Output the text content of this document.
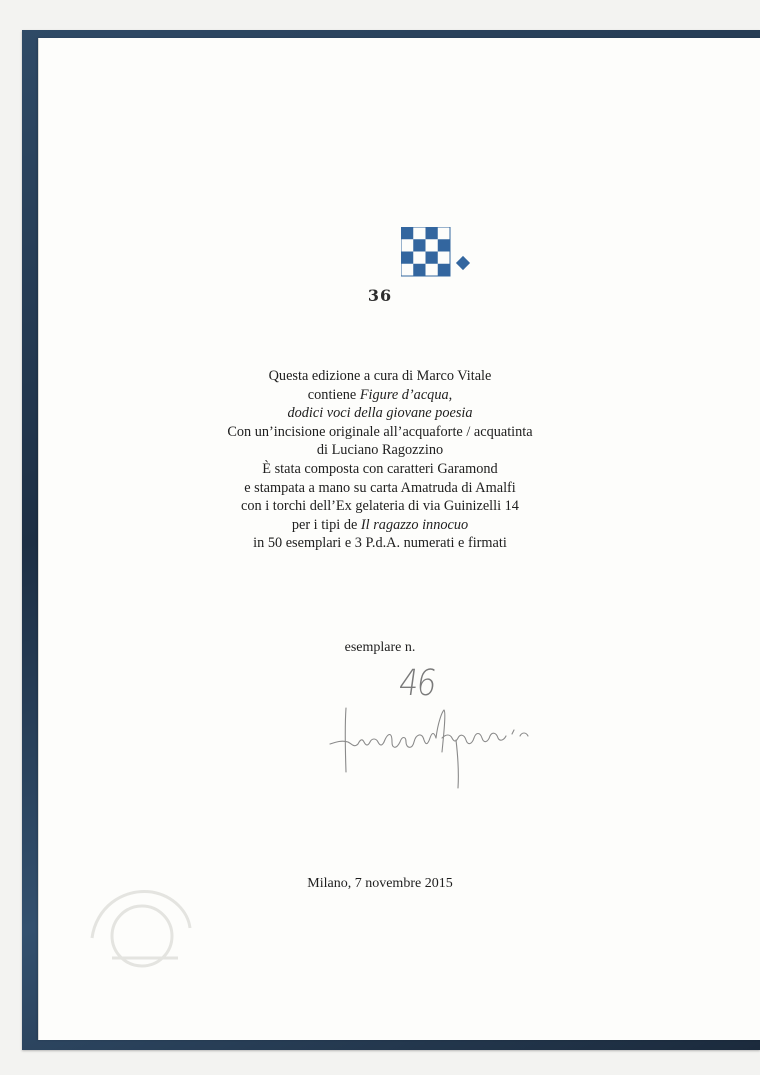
36
Questa edizione a cura di Marco Vitale
contiene Figure d’acqua,
dodici voci della giovane poesia
Con un’incisione originale all’acquaforte / acquatinta
di Luciano Ragozzino
È stata composta con caratteri Garamond
e stampata a mano su carta Amatruda di Amalfi
con i torchi dell’Ex gelateria di via Guinizelli 14
per i tipi de Il ragazzo innocuo
in 50 esemplari e 3 P.d.A. numerati e firmati
esemplare n.
46
Milano, 7 novembre 2015
